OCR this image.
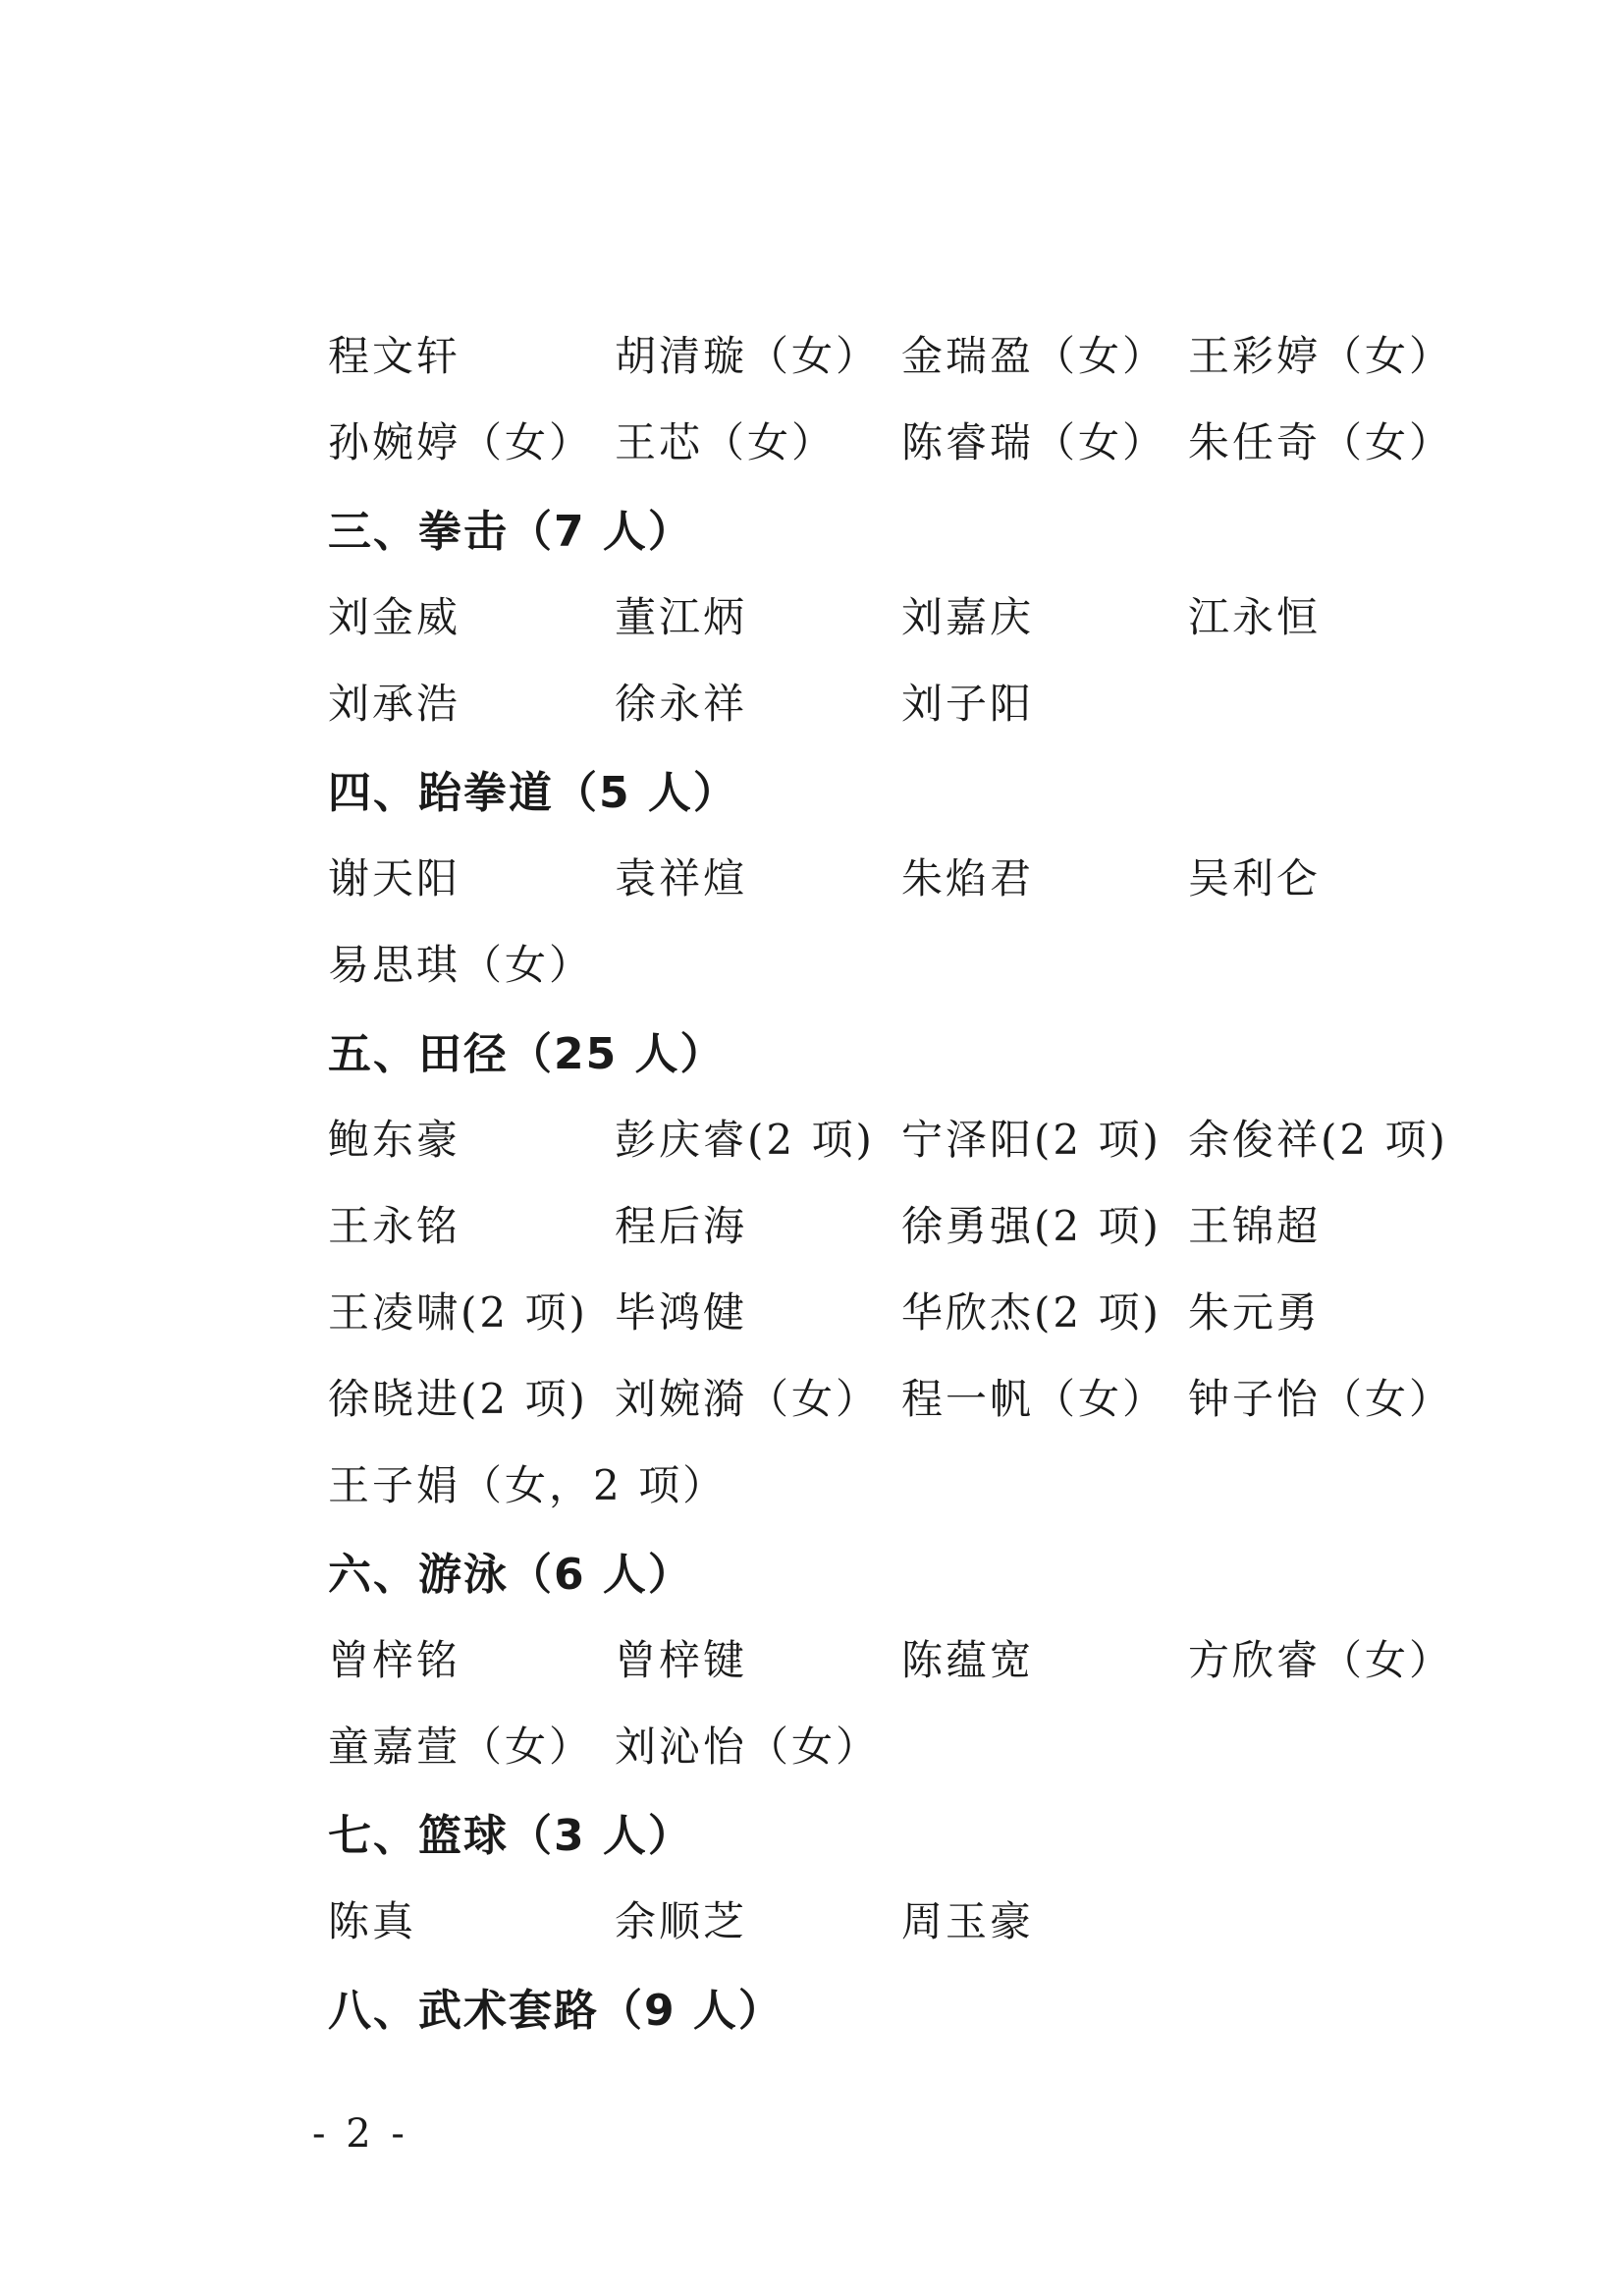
程文轩	胡清璇（女） 金瑞盈（女） 王彩婷（女）
孙婉婷（女） 王芯（女）	陈睿瑞（女） 朱任奇（女）
三、拳击（7 人）
刘金威	董江炳	刘嘉庆	江永恒
刘承浩	徐永祥	刘子阳
四、跆拳道（5 人）
谢天阳	袁祥煊	朱焰君	吴利仑
易思琪（女）
五、田径（25 人）
鲍东豪	彭庆睿(2 项) 宁泽阳(2 项) 余俊祥(2 项)
王永铭	程后海	徐勇强(2 项) 王锦超
王凌啸(2 项) 毕鸿健	华欣杰(2 项) 朱元勇
徐晓进(2 项) 刘婉漪（女） 程一帆（女） 钟子怡（女）
王子娟（女，2 项）
六、游泳（6 人）
曾梓铭	曾梓键	陈蕴宽	方欣睿（女）
童嘉萱（女） 刘沁怡（女）
七、篮球（3 人）
陈真	余顺芝	周玉豪
八、武术套路（9 人）
- 2 -
